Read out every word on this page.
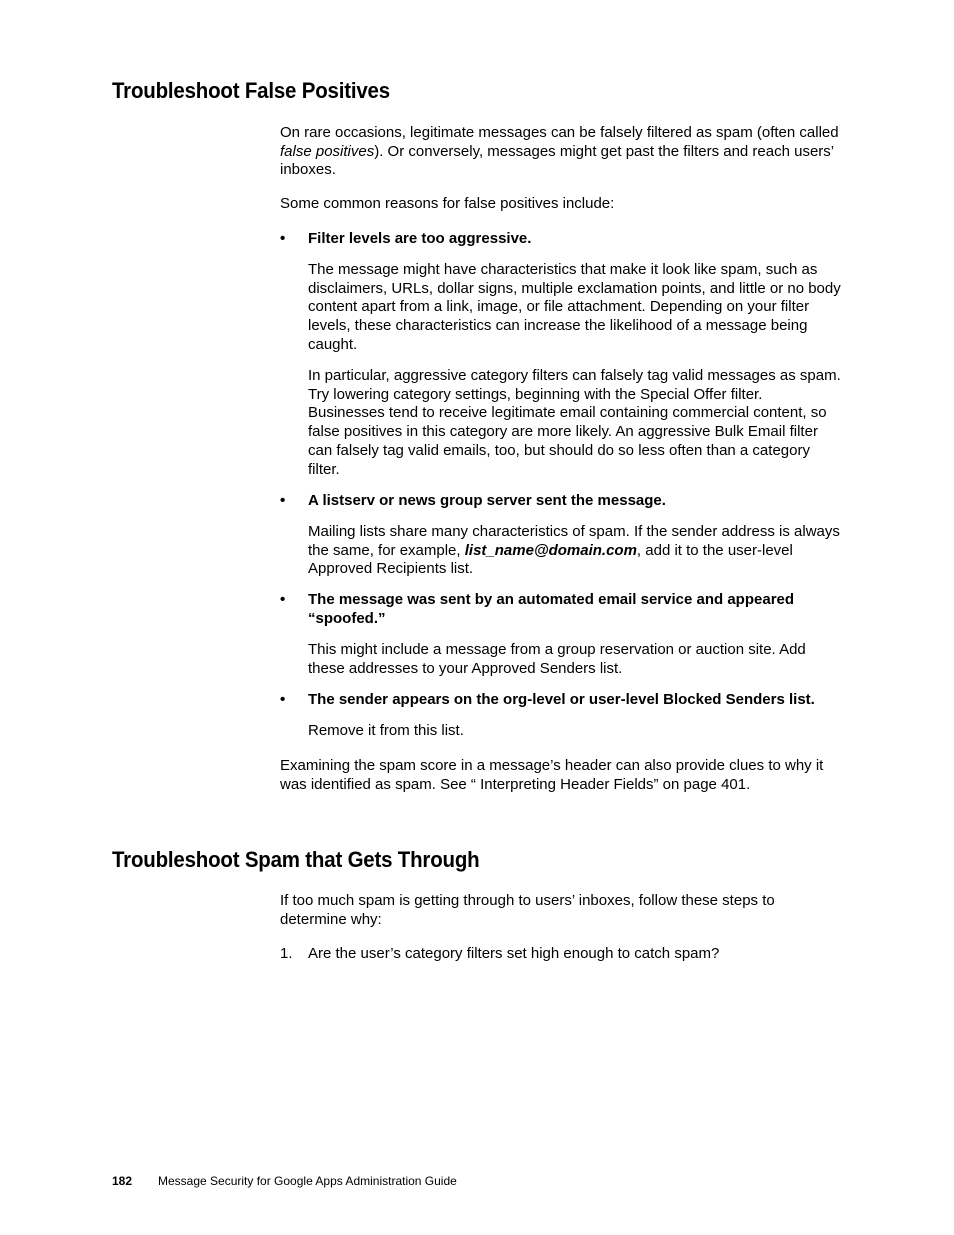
Troubleshoot False Positives

On rare occasions, legitimate messages can be falsely filtered as spam (often called false positives). Or conversely, messages might get past the filters and reach users’ inboxes.

Some common reasons for false positives include:

• Filter levels are too aggressive.

The message might have characteristics that make it look like spam, such as disclaimers, URLs, dollar signs, multiple exclamation points, and little or no body content apart from a link, image, or file attachment. Depending on your filter levels, these characteristics can increase the likelihood of a message being caught.

In particular, aggressive category filters can falsely tag valid messages as spam. Try lowering category settings, beginning with the Special Offer filter. Businesses tend to receive legitimate email containing commercial content, so false positives in this category are more likely. An aggressive Bulk Email filter can falsely tag valid emails, too, but should do so less often than a category filter.

• A listserv or news group server sent the message.

Mailing lists share many characteristics of spam. If the sender address is always the same, for example, list_name@domain.com, add it to the user-level Approved Recipients list.

• The message was sent by an automated email service and appeared “spoofed.”

This might include a message from a group reservation or auction site. Add these addresses to your Approved Senders list.

• The sender appears on the org-level or user-level Blocked Senders list.

Remove it from this list.

Examining the spam score in a message’s header can also provide clues to why it was identified as spam. See “ Interpreting Header Fields” on page 401.

Troubleshoot Spam that Gets Through

If too much spam is getting through to users’ inboxes, follow these steps to determine why:

1. Are the user’s category filters set high enough to catch spam?

182 Message Security for Google Apps Administration Guide
